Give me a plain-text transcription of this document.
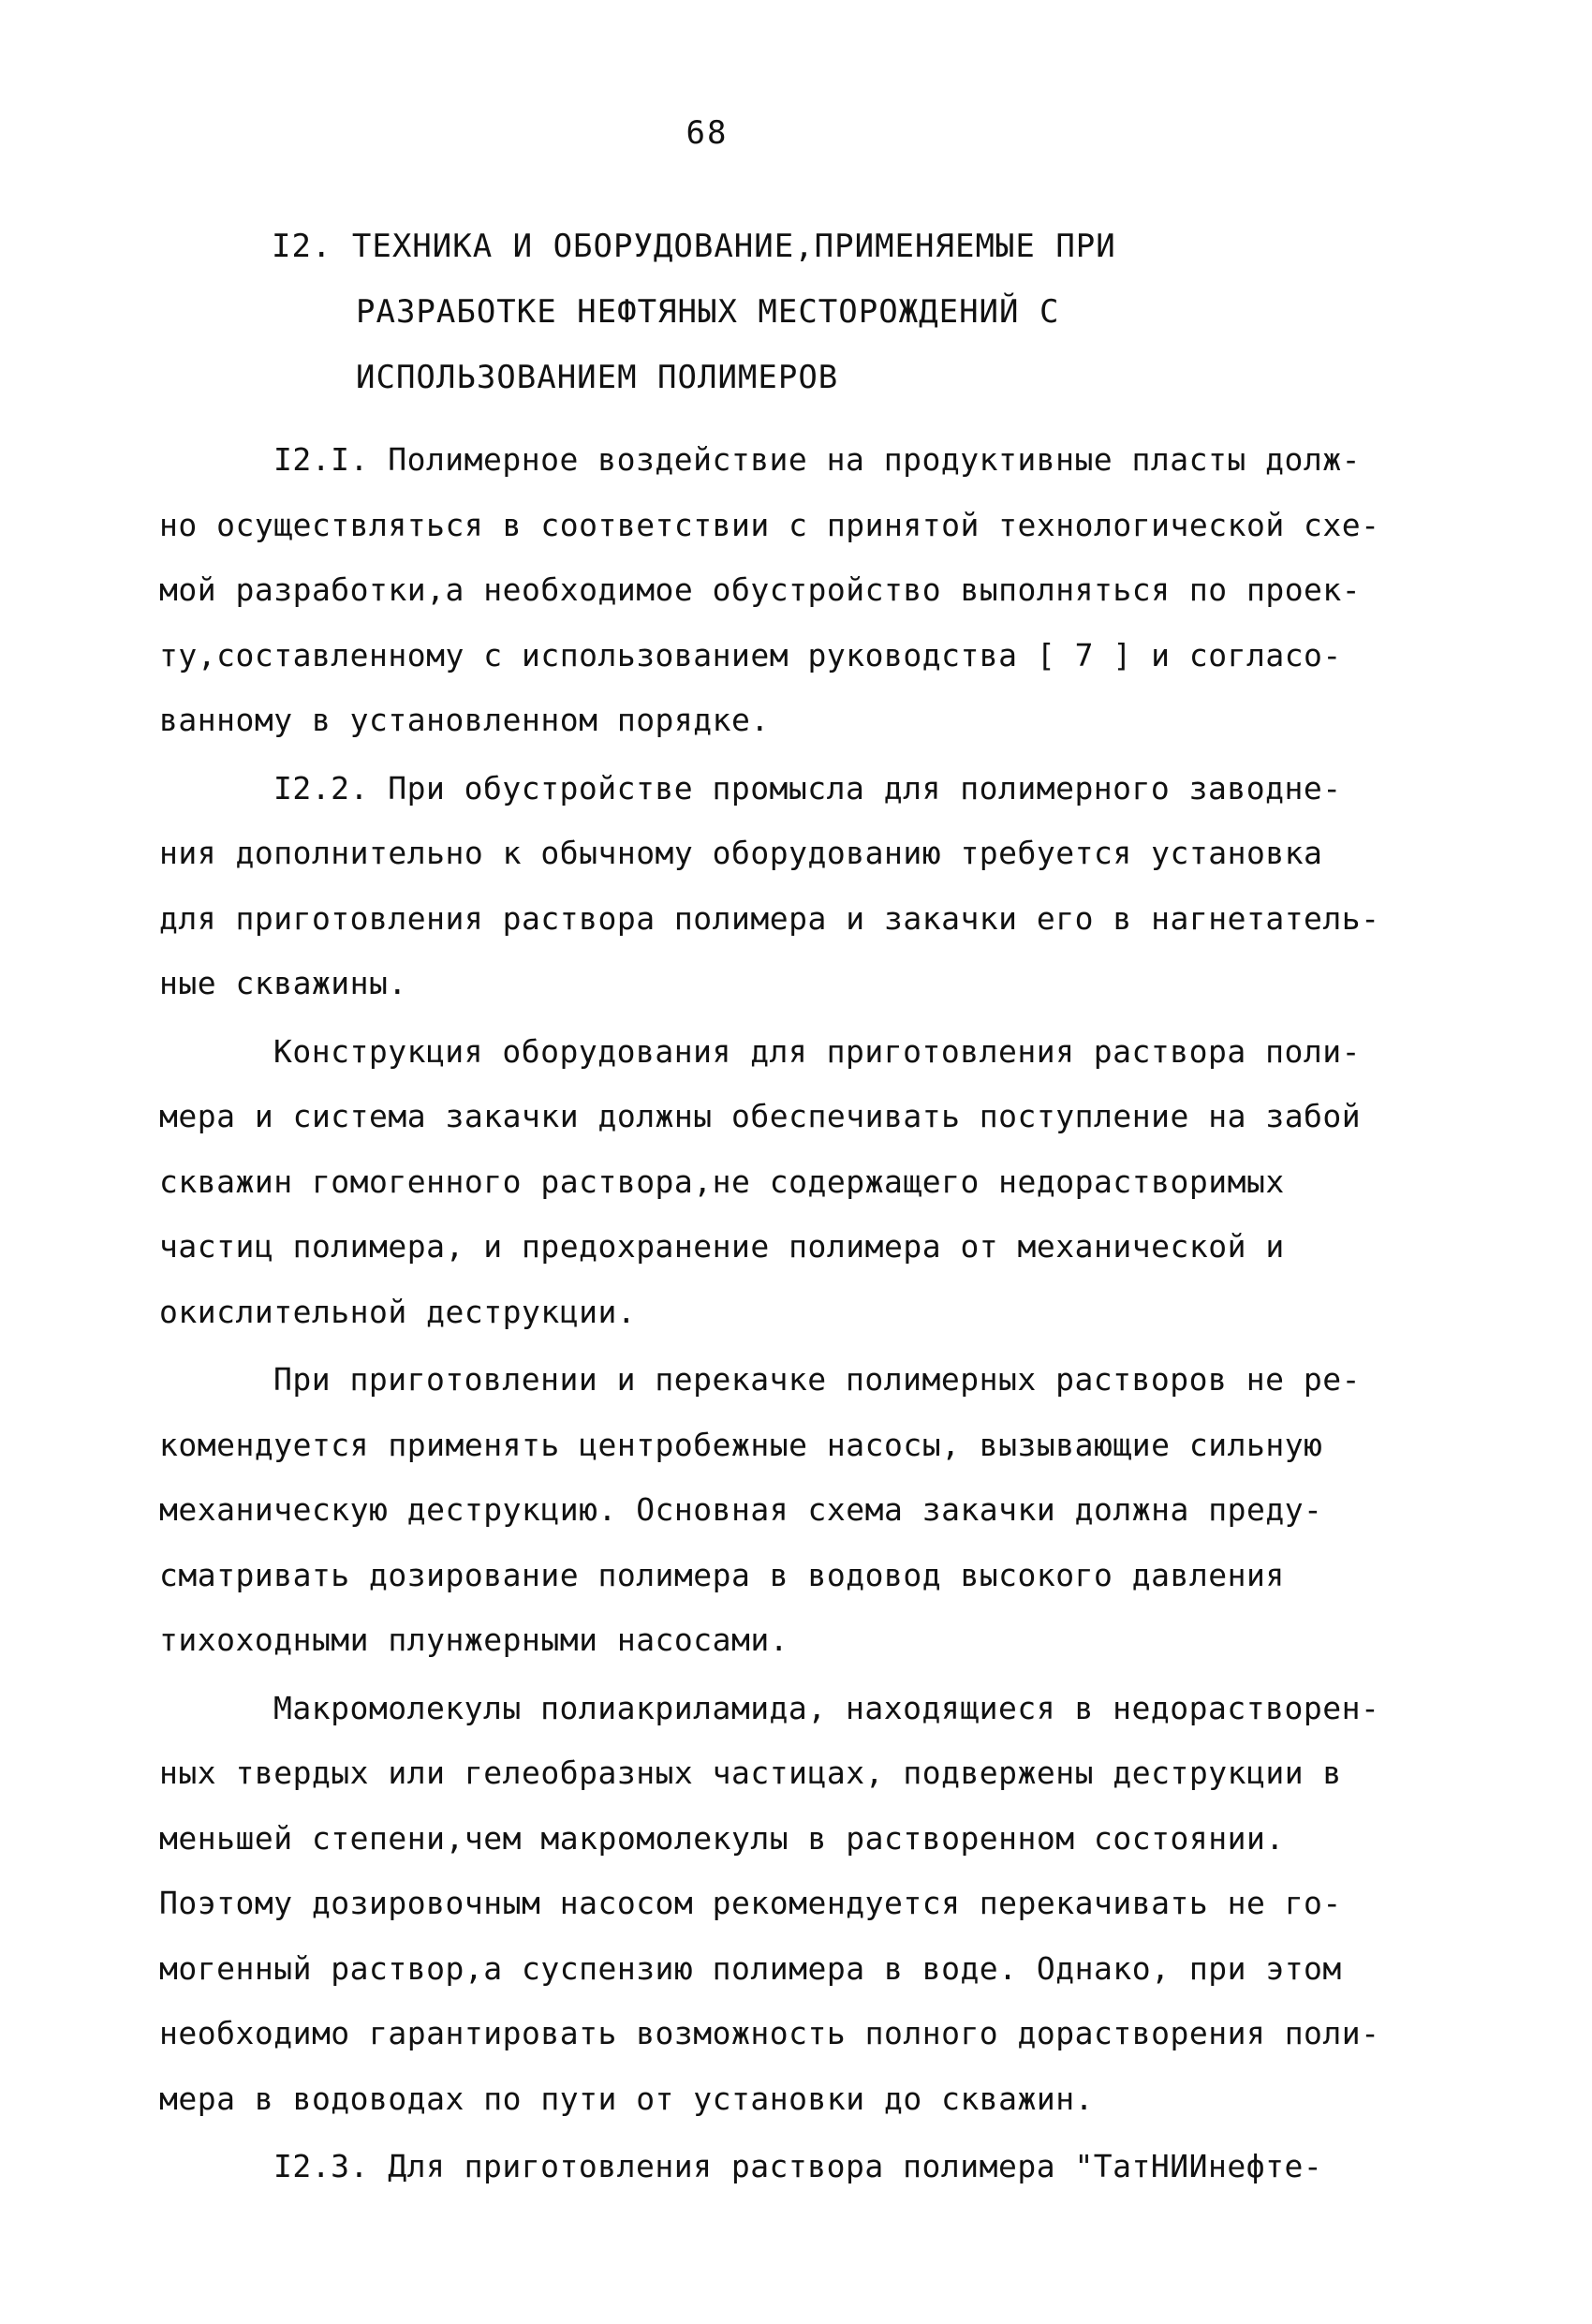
68
I2. ТЕХНИКА И ОБОРУДОВАНИЕ,ПРИМЕНЯЕМЫЕ ПРИ
РАЗРАБОТКЕ НЕФТЯНЫХ МЕСТОРОЖДЕНИЙ С
ИСПОЛЬЗОВАНИЕМ ПОЛИМЕРОВ
I2.I. Полимерное воздействие на продуктивные пласты долж-
но осуществляться в соответствии с принятой технологической схе-
мой разработки,а необходимое обустройство выполняться по проек-
ту,составленному с использованием руководства [ 7 ] и согласо-
ванному в установленном порядке.
I2.2. При обустройстве промысла для полимерного заводне-
ния дополнительно к обычному оборудованию требуется установка
для приготовления раствора полимера и закачки его в нагнетатель-
ные скважины.
Конструкция оборудования для приготовления раствора поли-
мера и система закачки должны обеспечивать поступление на забой
скважин гомогенного раствора,не содержащего недорастворимых
частиц полимера, и предохранение полимера от механической и
окислительной деструкции.
При приготовлении и перекачке полимерных растворов не ре-
комендуется применять центробежные насосы, вызывающие сильную
механическую деструкцию. Основная схема закачки должна преду-
сматривать дозирование полимера в водовод высокого давления
тихоходными плунжерными насосами.
Макромолекулы полиакриламида, находящиеся в недорастворен-
ных твердых или гелеобразных частицах, подвержены деструкции в
меньшей степени,чем макромолекулы в растворенном состоянии.
Поэтому дозировочным насосом рекомендуется перекачивать не го-
могенный раствор,а суспензию полимера в воде. Однако, при этом
необходимо гарантировать возможность полного дорастворения поли-
мера в водоводах по пути от установки до скважин.
I2.3. Для приготовления раствора полимера "ТатНИИнефте-
